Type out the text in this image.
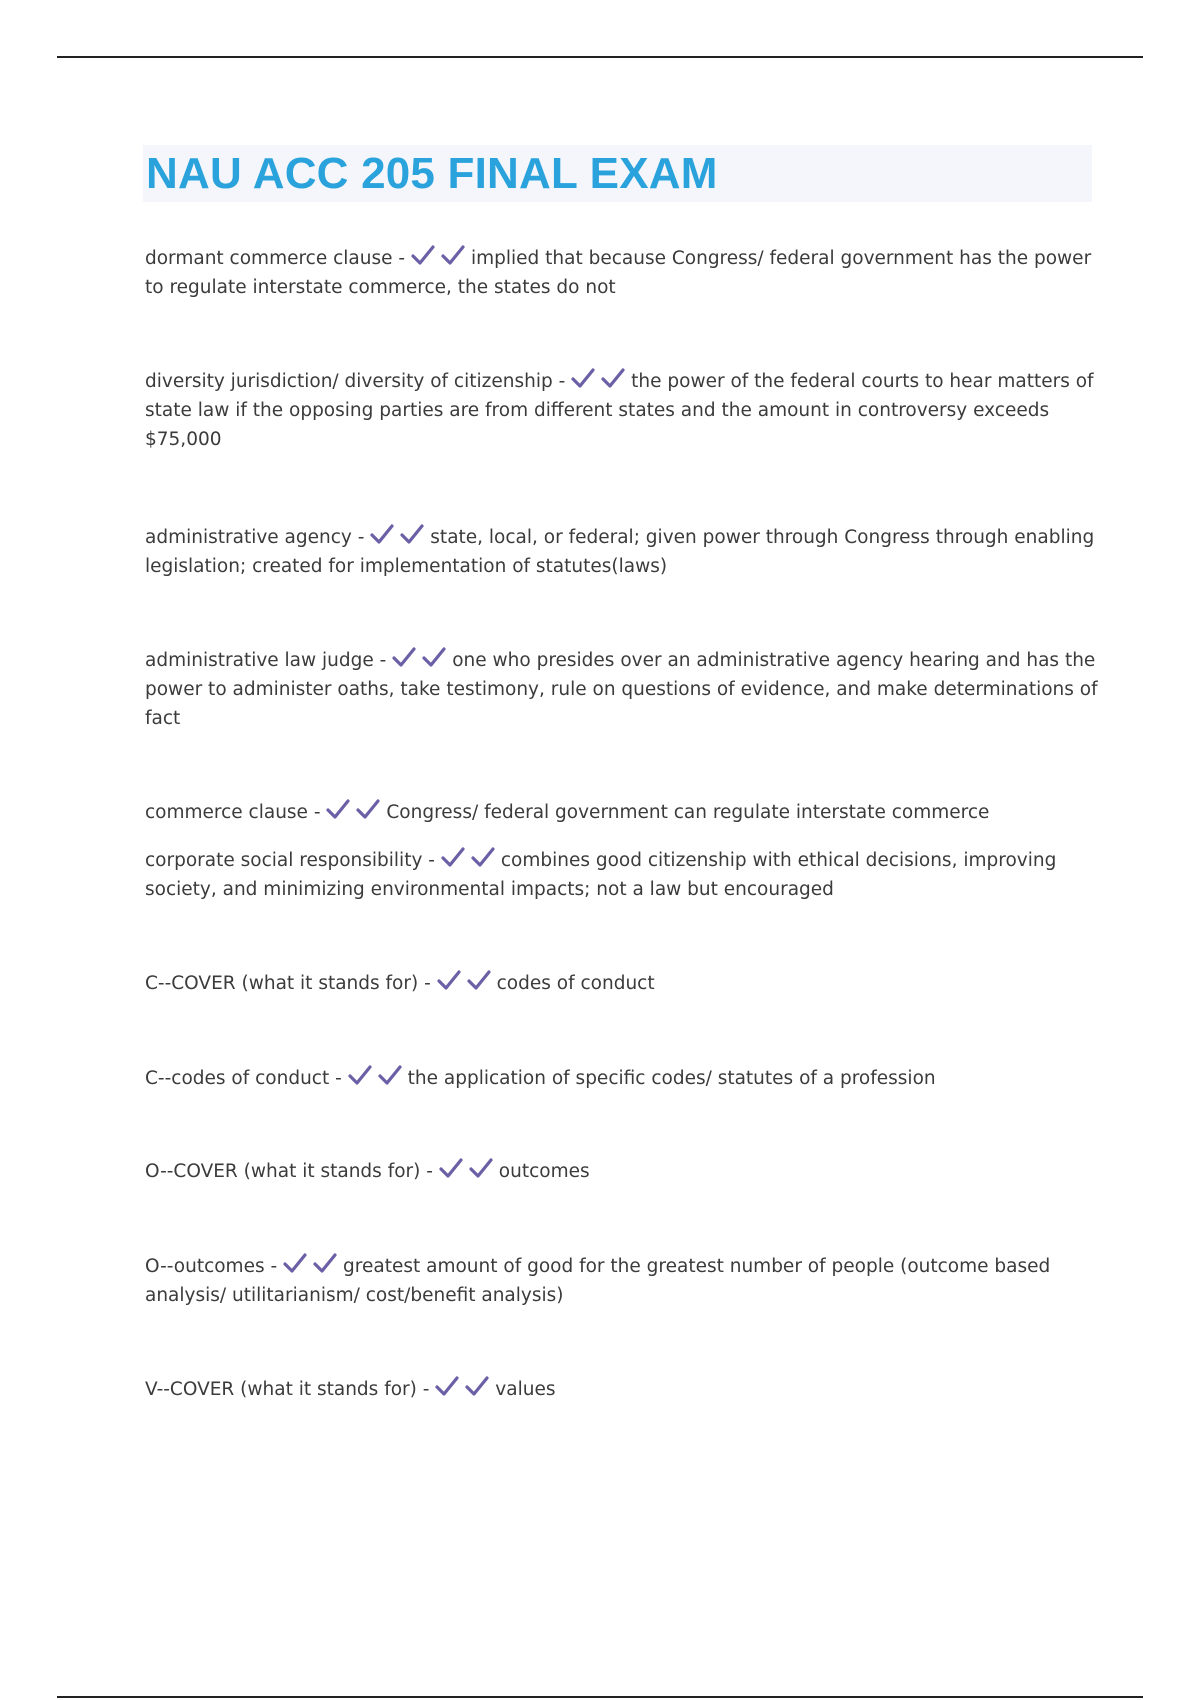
NAU ACC 205 FINAL EXAM
dormant commerce clause -	implied that because Congress/ federal government has the power to regulate interstate commerce, the states do not
diversity jurisdiction/ diversity of citizenship -	the power of the federal courts to hear matters of state law if the opposing parties are from different states and the amount in controversy exceeds $75,000
administrative agency -	state, local, or federal; given power through Congress through enabling legislation; created for implementation of statutes(laws)
administrative law judge -	one who presides over an administrative agency hearing and has the power to administer oaths, take testimony, rule on questions of evidence, and make determinations of fact
commerce clause -	Congress/ federal government can regulate interstate commerce
corporate social responsibility -	combines good citizenship with ethical decisions, improving society, and minimizing environmental impacts; not a law but encouraged
C--COVER (what it stands for) -	codes of conduct
C--codes of conduct -	the application of specific codes/ statutes of a profession
O--COVER (what it stands for) -	outcomes
O--outcomes -	greatest amount of good for the greatest number of people (outcome based analysis/ utilitarianism/ cost/benefit analysis)
V--COVER (what it stands for) -	values
